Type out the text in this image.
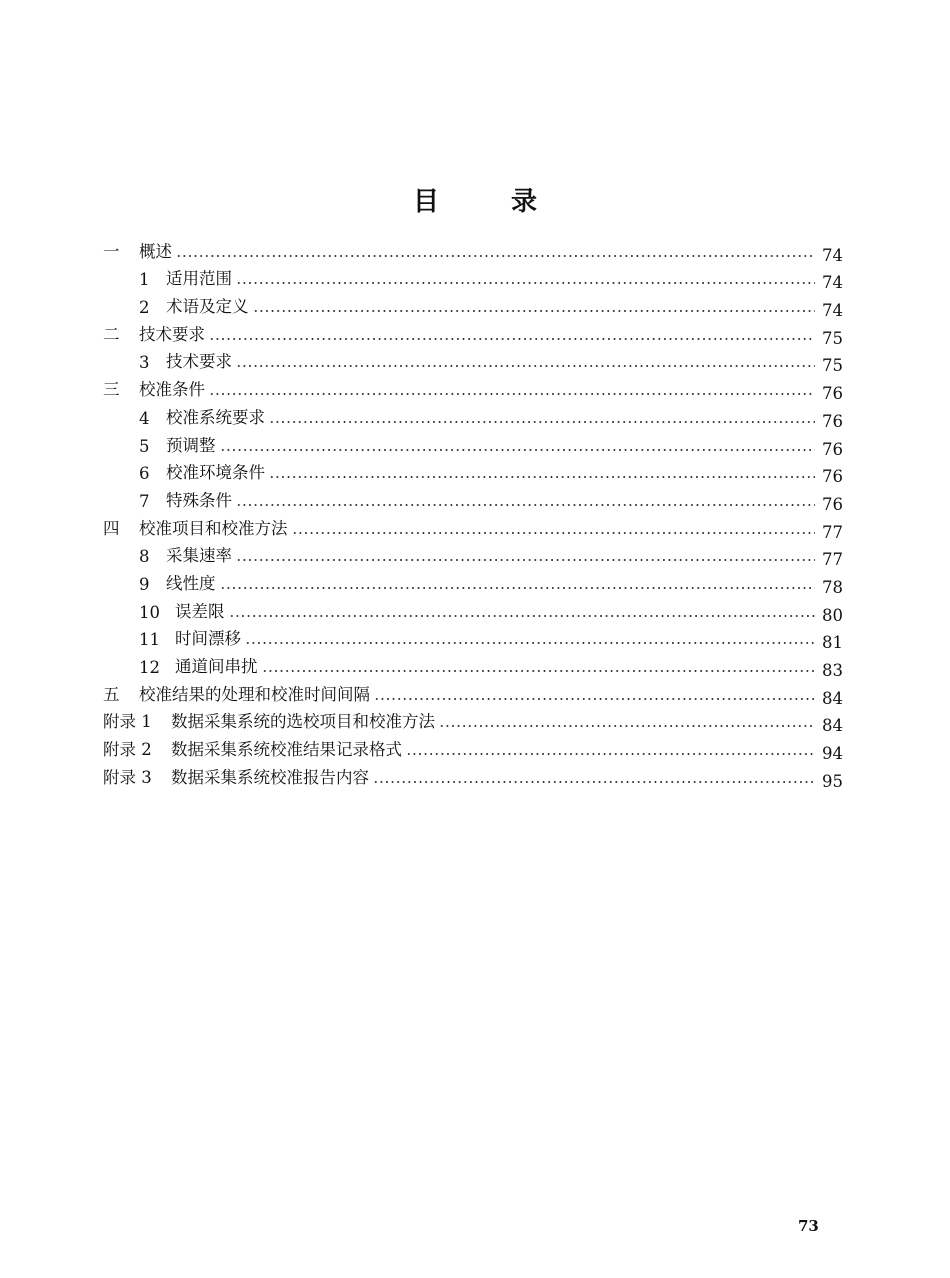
目	录
一	概述	74
1	适用范围	74
2	术语及定义	74
二	技术要求	75
3	技术要求	75
三	校准条件	76
4	校准系统要求	76
5	预调整	76
6	校准环境条件	76
7	特殊条件	76
四	校准项目和校准方法	77
8	采集速率	77
9	线性度	78
10 误差限	80
11 时间漂移	81
12 通道间串扰	83
五	校准结果的处理和校准时间间隔	84
附录 1	数据采集系统的选校项目和校准方法	84
附录 2	数据采集系统校准结果记录格式	94
附录 3	数据采集系统校准报告内容	95
73
